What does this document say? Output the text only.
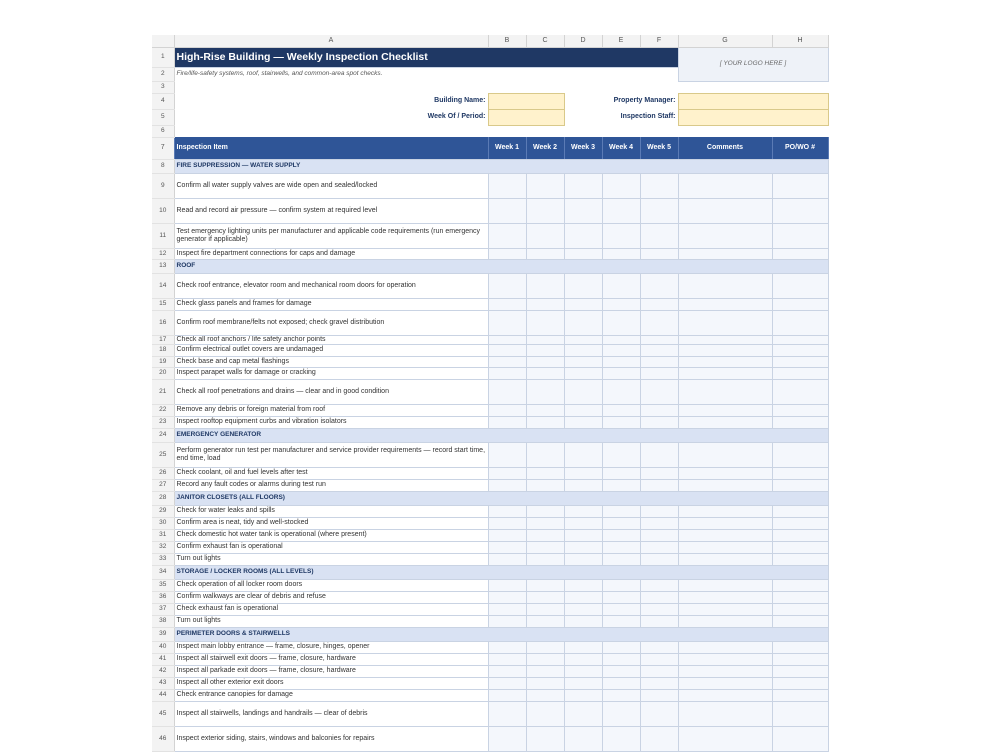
	A	B	C	D	E	F	G	H
1	High-Rise Building — Weekly Inspection Checklist						[ YOUR LOGO HERE ]	
2	Fire/life-safety systems, roof, stairwells, and common-area spot checks.							
3								
4	Building Name:			Property Manager:				
5	Week Of / Period:			Inspection Staff:				
6								
7	Inspection Item	Week 1	Week 2	Week 3	Week 4	Week 5	Comments	PO/WO #
8	FIRE SUPPRESSION — WATER SUPPLY							
9	Confirm all water supply valves are wide open and sealed/locked							
10	Read and record air pressure — confirm system at required level							
11	Test emergency lighting units per manufacturer and applicable code requirements (run emergency generator if applicable)							
12	Inspect fire department connections for caps and damage							
13	ROOF							
14	Check roof entrance, elevator room and mechanical room doors for operation							
15	Check glass panels and frames for damage							
16	Confirm roof membrane/felts not exposed; check gravel distribution							
17	Check all roof anchors / life safety anchor points							
18	Confirm electrical outlet covers are undamaged							
19	Check base and cap metal flashings							
20	Inspect parapet walls for damage or cracking							
21	Check all roof penetrations and drains — clear and in good condition							
22	Remove any debris or foreign material from roof							
23	Inspect rooftop equipment curbs and vibration isolators							
24	EMERGENCY GENERATOR							
25	Perform generator run test per manufacturer and service provider requirements — record start time, end time, load							
26	Check coolant, oil and fuel levels after test							
27	Record any fault codes or alarms during test run							
28	JANITOR CLOSETS (ALL FLOORS)							
29	Check for water leaks and spills							
30	Confirm area is neat, tidy and well-stocked							
31	Check domestic hot water tank is operational (where present)							
32	Confirm exhaust fan is operational							
33	Turn out lights							
34	STORAGE / LOCKER ROOMS (ALL LEVELS)							
35	Check operation of all locker room doors							
36	Confirm walkways are clear of debris and refuse							
37	Check exhaust fan is operational							
38	Turn out lights							
39	PERIMETER DOORS & STAIRWELLS							
40	Inspect main lobby entrance — frame, closure, hinges, opener							
41	Inspect all stairwell exit doors — frame, closure, hardware							
42	Inspect all parkade exit doors — frame, closure, hardware							
43	Inspect all other exterior exit doors							
44	Check entrance canopies for damage							
45	Inspect all stairwells, landings and handrails — clear of debris							
46	Inspect exterior siding, stairs, windows and balconies for repairs							
